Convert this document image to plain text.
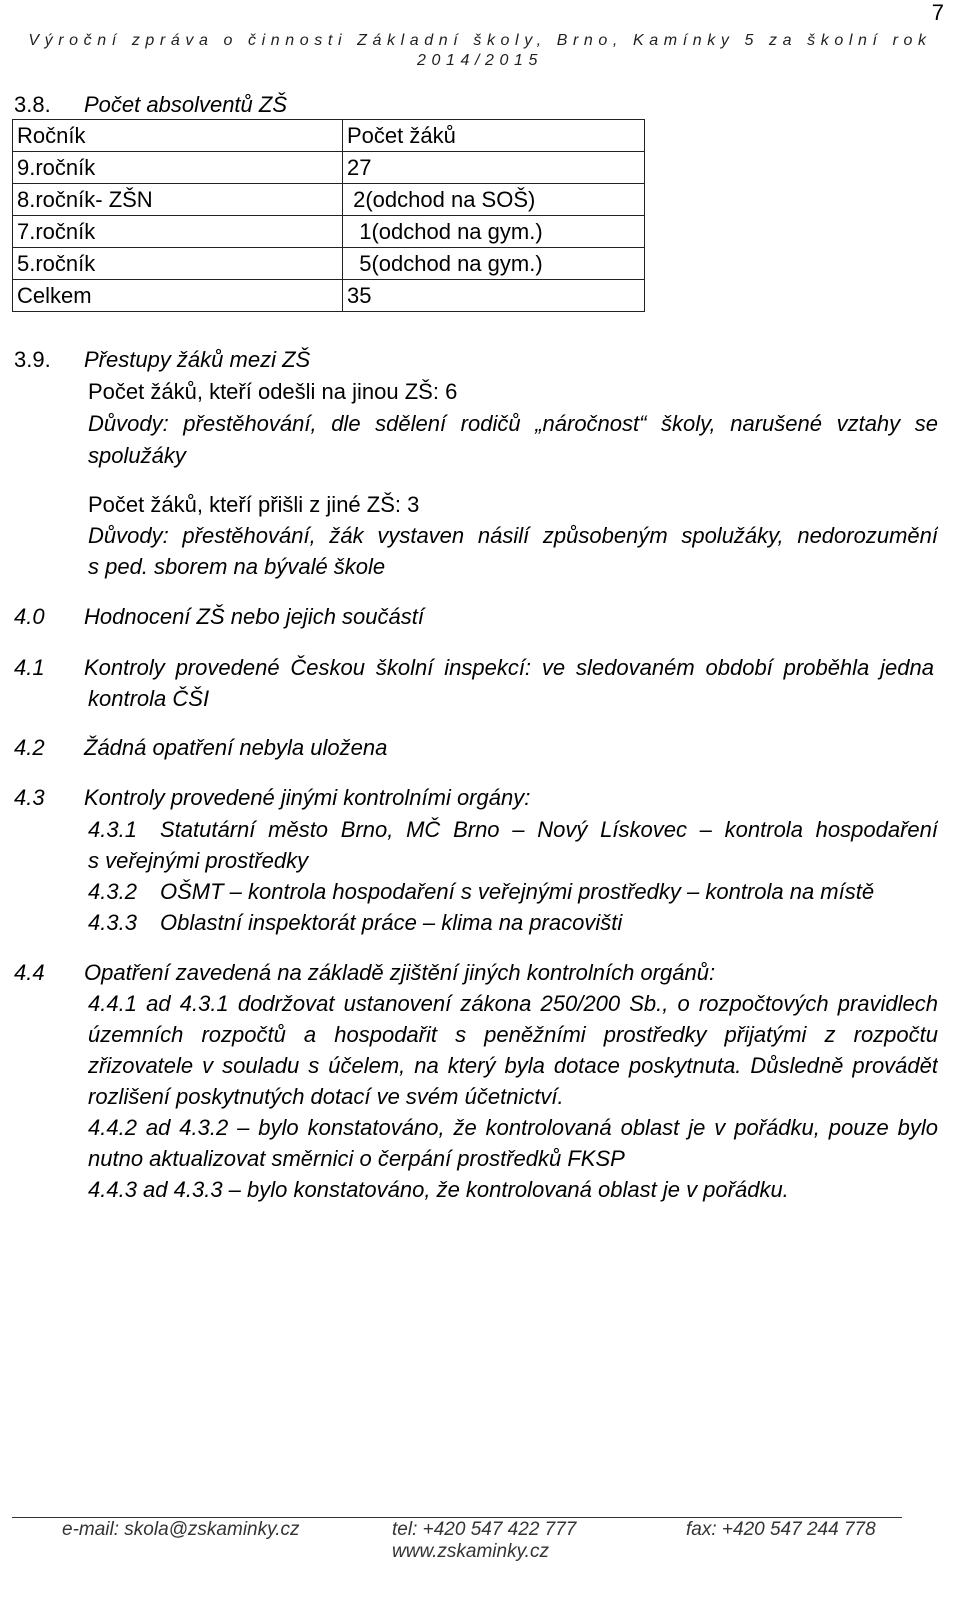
Výroční zpráva o činnosti Základní školy, Brno, Kamínky 5 za školní rok
2014/2015
7
3.8. Počet absolventů ZŠ
Ročník	Počet žáků
9.ročník	27
8.ročník- ZŠN	2(odchod na SOŠ)
7.ročník	1(odchod na gym.)
5.ročník	5(odchod na gym.)
Celkem	35
3.9. Přestupy žáků mezi ZŠ
Počet žáků, kteří odešli na jinou ZŠ: 6
Důvody: přestěhování, dle sdělení rodičů „náročnost“ školy, narušené vztahy se
spolužáky
Počet žáků, kteří přišli z jiné ZŠ: 3
Důvody: přestěhování, žák vystaven násilí způsobeným spolužáky, nedorozumění
s ped. sborem na bývalé škole
4.0 Hodnocení ZŠ nebo jejich součástí
4.1 Kontroly provedené Českou školní inspekcí: ve sledovaném období proběhla jedna
kontrola ČŠI
4.2 Žádná opatření nebyla uložena
4.3 Kontroly provedené jinými kontrolními orgány:
4.3.1 Statutární město Brno, MČ Brno – Nový Lískovec – kontrola hospodaření
s veřejnými prostředky
4.3.2 OŠMT – kontrola hospodaření s veřejnými prostředky – kontrola na místě
4.3.3 Oblastní inspektorát práce – klima na pracovišti
4.4 Opatření zavedená na základě zjištění jiných kontrolních orgánů:
4.4.1 ad 4.3.1 dodržovat ustanovení zákona 250/200 Sb., o rozpočtových pravidlech
územních rozpočtů a hospodařit s peněžními prostředky přijatými z rozpočtu
zřizovatele v souladu s účelem, na který byla dotace poskytnuta. Důsledně provádět
rozlišení poskytnutých dotací ve svém účetnictví.
4.4.2 ad 4.3.2 – bylo konstatováno, že kontrolovaná oblast je v pořádku, pouze bylo
nutno aktualizovat směrnici o čerpání prostředků FKSP
4.4.3 ad 4.3.3 – bylo konstatováno, že kontrolovaná oblast je v pořádku.
e-mail: skola@zskaminky.cz	tel: +420 547 422 777	fax: +420 547 244 778
www.zskaminky.cz
